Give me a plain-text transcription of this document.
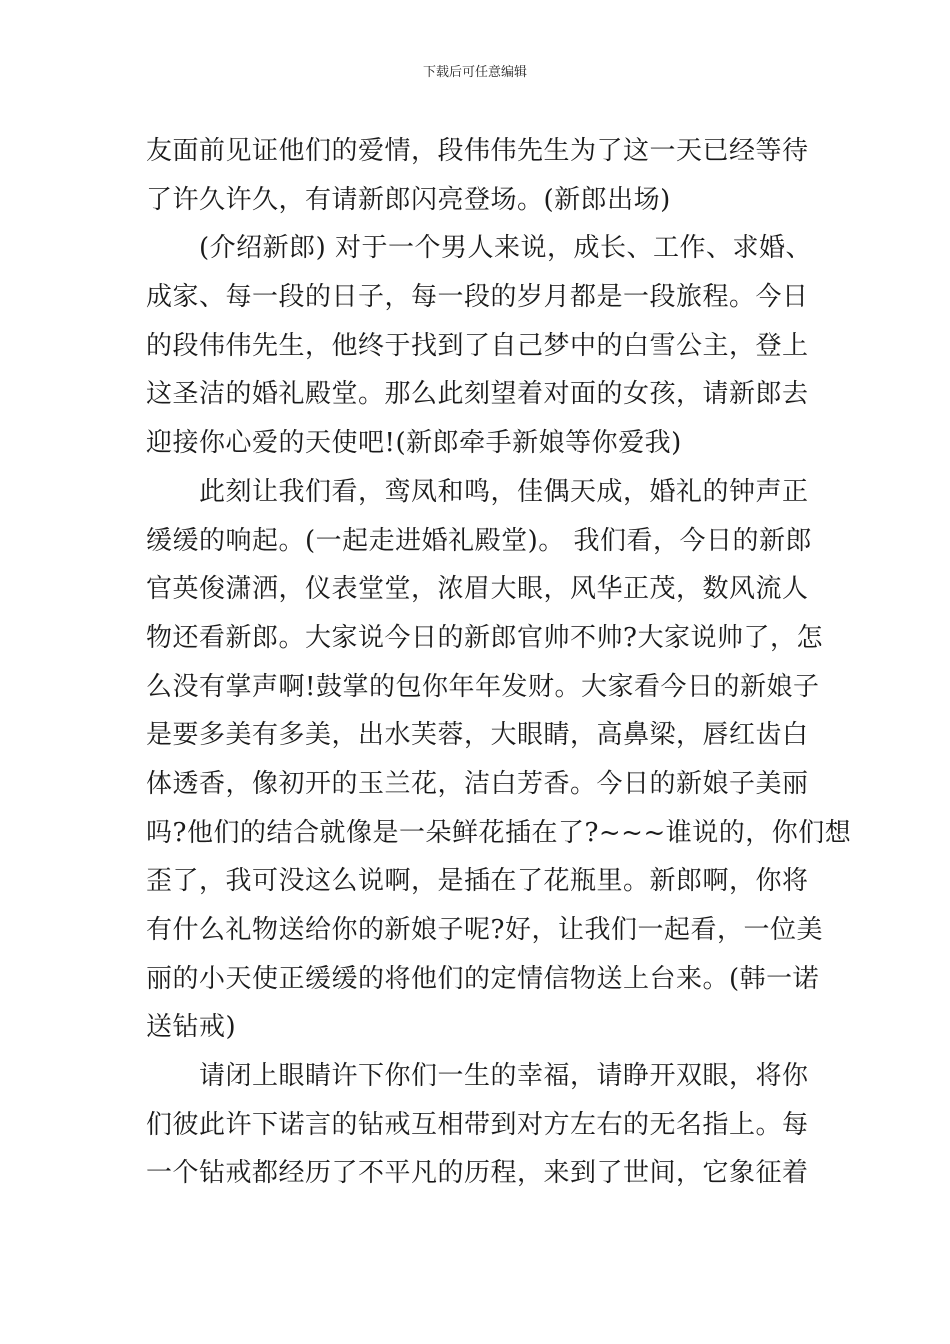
下载后可任意编辑
友面前见证他们的爱情，段伟伟先生为了这一天已经等待
了许久许久，有请新郎闪亮登场。(新郎出场)
(介绍新郎) 对于一个男人来说，成长、工作、求婚、
成家、每一段的日子，每一段的岁月都是一段旅程。今日
的段伟伟先生，他终于找到了自己梦中的白雪公主，登上
这圣洁的婚礼殿堂。那么此刻望着对面的女孩，请新郎去
迎接你心爱的天使吧!(新郎牵手新娘等你爱我)
此刻让我们看，鸾凤和鸣，佳偶天成，婚礼的钟声正
缓缓的响起。(一起走进婚礼殿堂)。 我们看，今日的新郎
官英俊潇洒，仪表堂堂，浓眉大眼，风华正茂，数风流人
物还看新郎。大家说今日的新郎官帅不帅?大家说帅了，怎
么没有掌声啊!鼓掌的包你年年发财。大家看今日的新娘子
是要多美有多美，出水芙蓉，大眼睛，高鼻梁，唇红齿白
体透香，像初开的玉兰花，洁白芳香。今日的新娘子美丽
吗?他们的结合就像是一朵鲜花插在了?~~~谁说的，你们想
歪了，我可没这么说啊，是插在了花瓶里。新郎啊，你将
有什么礼物送给你的新娘子呢?好，让我们一起看，一位美
丽的小天使正缓缓的将他们的定情信物送上台来。(韩一诺
送钻戒)
请闭上眼睛许下你们一生的幸福，请睁开双眼，将你
们彼此许下诺言的钻戒互相带到对方左右的无名指上。每
一个钻戒都经历了不平凡的历程，来到了世间，它象征着
